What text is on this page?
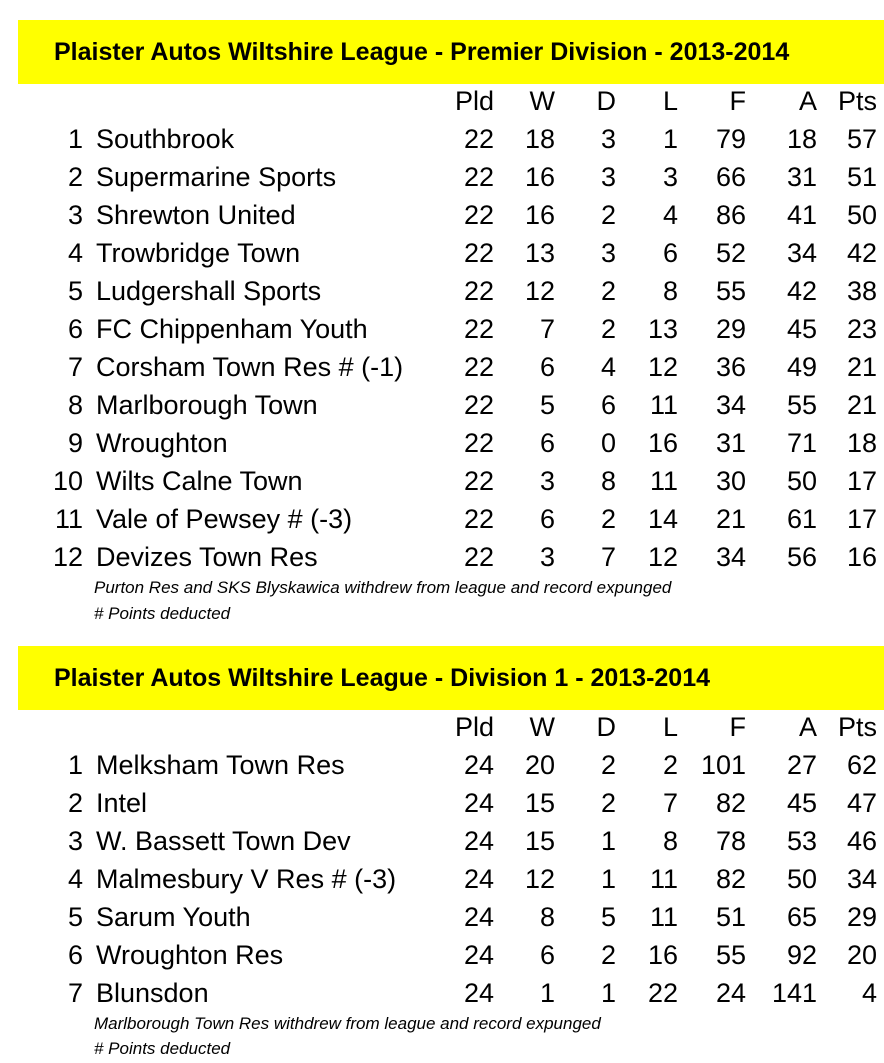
Plaister Autos Wiltshire League - Premier Division - 2013-2014
Pld W D L F A Pts
1 Southbrook	22 18 3 1 79 18 57
2 Supermarine Sports	22 16 3 3 66 31 51
3 Shrewton United	22 16 2 4 86 41 50
4 Trowbridge Town	22 13 3 6 52 34 42
5 Ludgershall Sports	22 12 2 8 55 42 38
6 FC Chippenham Youth	22 7 2 13 29 45 23
7 Corsham Town Res # (-1) 22 6 4 12 36 49 21
8 Marlborough Town	22 5 6 11 34 55 21
9 Wroughton	22 6 0 16 31 71 18
10 Wilts Calne Town	22 3 8 11 30 50 17
11 Vale of Pewsey # (-3)	22 6 2 14 21 61 17
12 Devizes Town Res	22 3 7 12 34 56 16
Purton Res and SKS Blyskawica withdrew from league and record expunged
# Points deducted
Plaister Autos Wiltshire League - Division 1 - 2013-2014
Pld W D L F A Pts
1 Melksham Town Res	24 20 2 2 101 27 62
2 Intel	24 15 2 7 82 45 47
3 W. Bassett Town Dev	24 15 1 8 78 53 46
4 Malmesbury V Res # (-3)	24 12 1 11 82 50 34
5 Sarum Youth	24 8 5 11 51 65 29
6 Wroughton Res	24 6 2 16 55 92 20
7 Blunsdon	24 1 1 22 24 141 4
Marlborough Town Res withdrew from league and record expunged
# Points deducted
